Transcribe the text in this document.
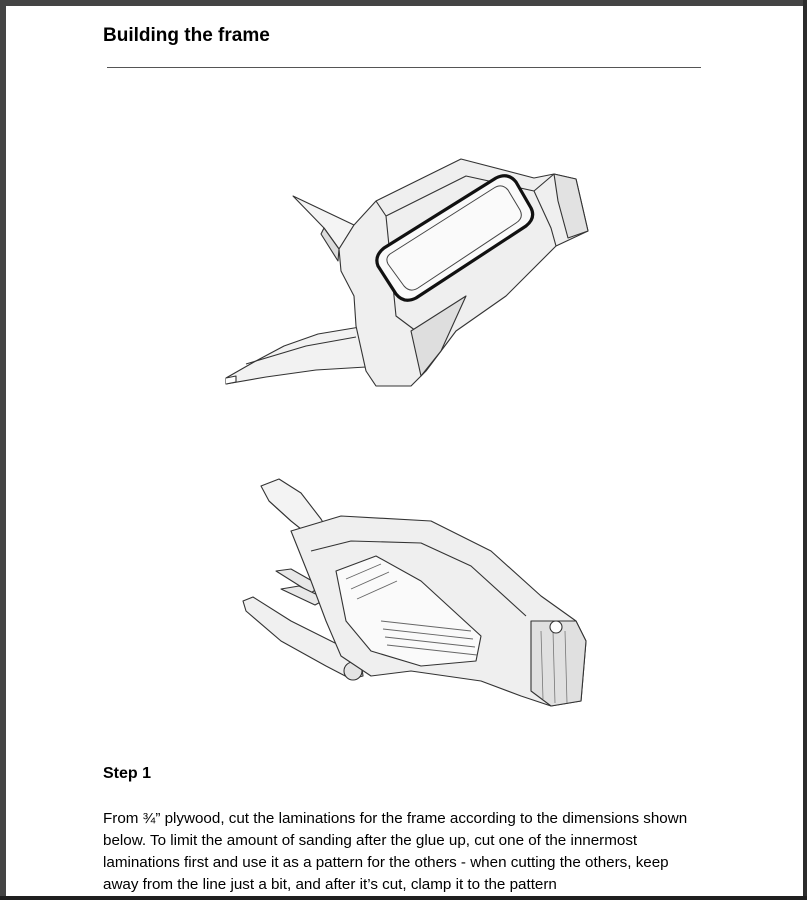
Building the frame
Step 1

From ¾” plywood, cut the laminations for the frame according to the dimensions shown below. To limit the amount of sanding after the glue up, cut one of the innermost laminations first and use it as a pattern for the others - when cutting the others, keep away from the line just a bit, and after it’s cut, clamp it to the pattern
